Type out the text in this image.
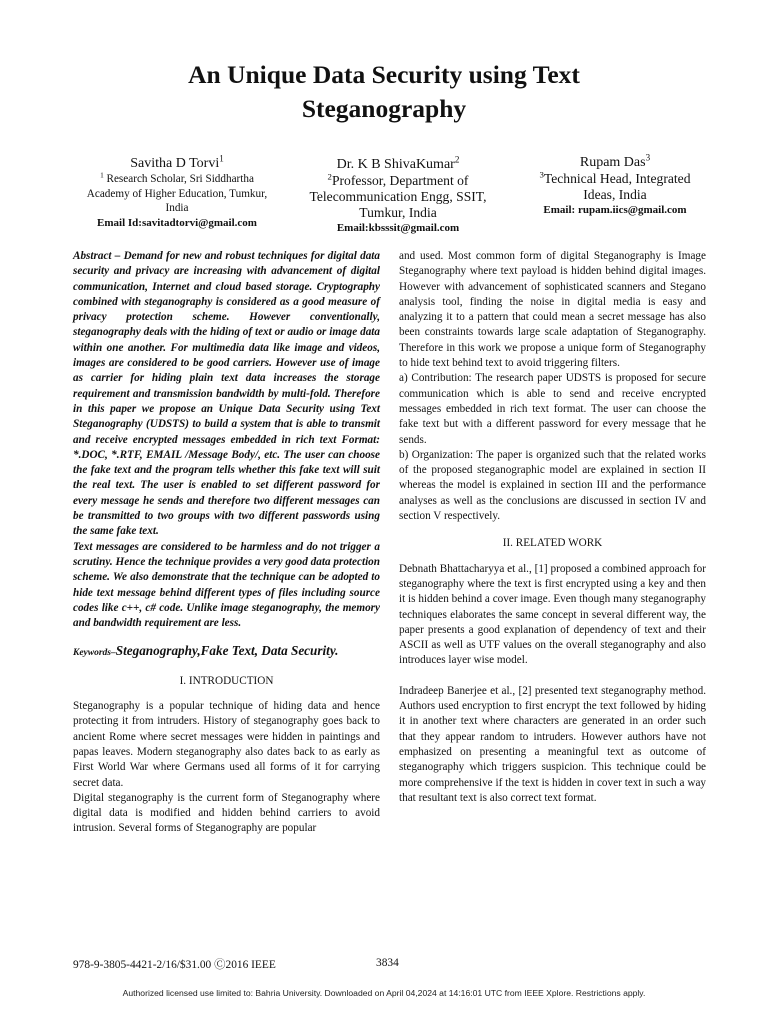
An Unique Data Security using Text
Steganography
Savitha D Torvi$^1$
$^1$ Research Scholar, Sri Siddhartha
Academy of Higher Education, Tumkur,
India
Email Id:savitadtorvi@gmail.com
Dr. K B ShivaKumar$^2$
$^2$Professor, Department of
Telecommunication Engg, SSIT,
Tumkur, India
Email:kbsssit@gmail.com
Rupam Das$^3$
$^3$Technical Head, Integrated
Ideas, India
Email: rupam.iics@gmail.com

Abstract – Demand for new and robust techniques for digital data security and privacy are increasing with advancement of digital communication, Internet and cloud based storage. Cryptography combined with steganography is considered as a good measure of privacy protection scheme. However conventionally, steganography deals with the hiding of text or audio or image data within one another. For multimedia data like image and videos, images are considered to be good carriers. However use of image as carrier for hiding plain text data increases the storage requirement and transmission bandwidth by multi-fold. Therefore in this paper we propose an Unique Data Security using Text Steganography (UDSTS) to build a system that is able to transmit and receive encrypted messages embedded in rich text Format: *.DOC, *.RTF, EMAIL /Message Body/, etc. The user can choose the fake text and the program tells whether this fake text will suit the real text. The user is enabled to set different password for every message he sends and therefore two different messages can be transmitted to two groups with two different passwords using the same fake text.

Text messages are considered to be harmless and do not trigger a scrutiny. Hence the technique provides a very good data protection scheme. We also demonstrate that the technique can be adopted to hide text message behind different types of files including source codes like c++, c# code. Unlike image steganography, the memory and bandwidth requirement are less.

Keywords–Steganography,Fake Text, Data Security.

I. INTRODUCTION

Steganography is a popular technique of hiding data and hence protecting it from intruders. History of steganography goes back to ancient Rome where secret messages were hidden in paintings and papas leaves. Modern steganography also dates back to as early as First World War where Germans used all forms of it for carrying secret data.

Digital steganography is the current form of Steganography where digital data is modified and hidden behind carriers to avoid intrusion. Several forms of Steganography are popular

and used. Most common form of digital Steganography is Image Steganography where text payload is hidden behind digital images. However with advancement of sophisticated scanners and Stegano analysis tool, finding the noise in digital media is easy and analyzing it to a pattern that could mean a secret message has also been constraints towards large scale adaptation of Steganography. Therefore in this work we propose a unique form of Steganography to hide text behind text to avoid triggering filters.

a) Contribution: The research paper UDSTS is proposed for secure communication which is able to send and receive encrypted messages embedded in rich text format. The user can choose the fake text but with a different password for every message that he sends.

b) Organization: The paper is organized such that the related works of the proposed steganographic model are explained in section II whereas the model is explained in section III and the performance analyses as well as the conclusions are discussed in section IV and section V respectively.

II. RELATED WORK

Debnath Bhattacharyya et al., [1] proposed a combined approach for steganography where the text is first encrypted using a key and then it is hidden behind a cover image. Even though many steganography techniques elaborates the same concept in several different way, the paper presents a good explanation of dependency of text and their ASCII as well as UTF values on the overall steganography and also introduces layer wise model.

Indradeep Banerjee et al., [2] presented text steganography method. Authors used encryption to first encrypt the text followed by hiding it in another text where characters are generated in an order such that they appear random to intruders. However authors have not emphasized on presenting a meaningful text as outcome of steganography which triggers suspicion. This technique could be more comprehensive if the text is hidden in cover text in such a way that resultant text is also correct text format.

978-9-3805-4421-2/16/$31.00 Ⓒ2016 IEEE	3834
Authorized licensed use limited to: Bahria University. Downloaded on April 04,2024 at 14:16:01 UTC from IEEE Xplore. Restrictions apply.
